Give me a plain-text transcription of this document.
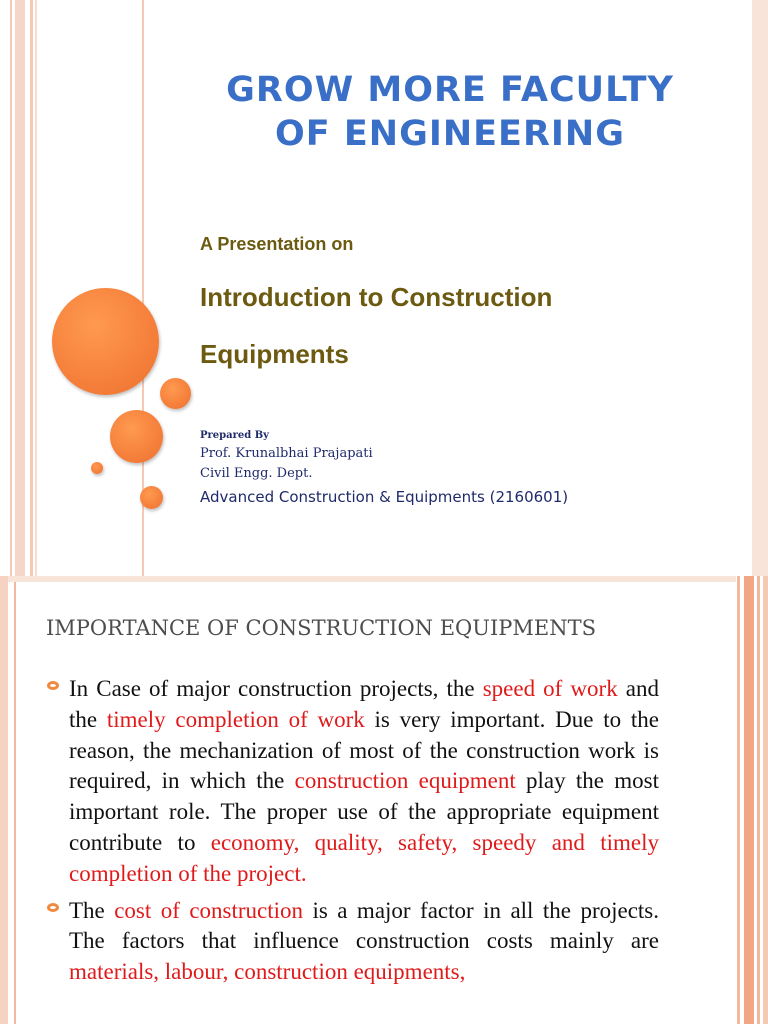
GROW MORE FACULTY
OF ENGINEERING
A Presentation on
Introduction to Construction
Equipments
Prepared By
Prof. Krunalbhai Prajapati
Civil Engg. Dept.
Advanced Construction & Equipments (2160601)
IMPORTANCE OF CONSTRUCTION EQUIPMENTS

In Case of major construction projects, the speed of work and the timely completion of work is very important. Due to the reason, the mechanization of most of the construction work is required, in which the construction equipment play the most important role. The proper use of the appropriate equipment contribute to economy, quality, safety, speedy and timely completion of the project.

The cost of construction is a major factor in all the projects. The factors that influence construction costs mainly are materials, labour, construction equipments,
